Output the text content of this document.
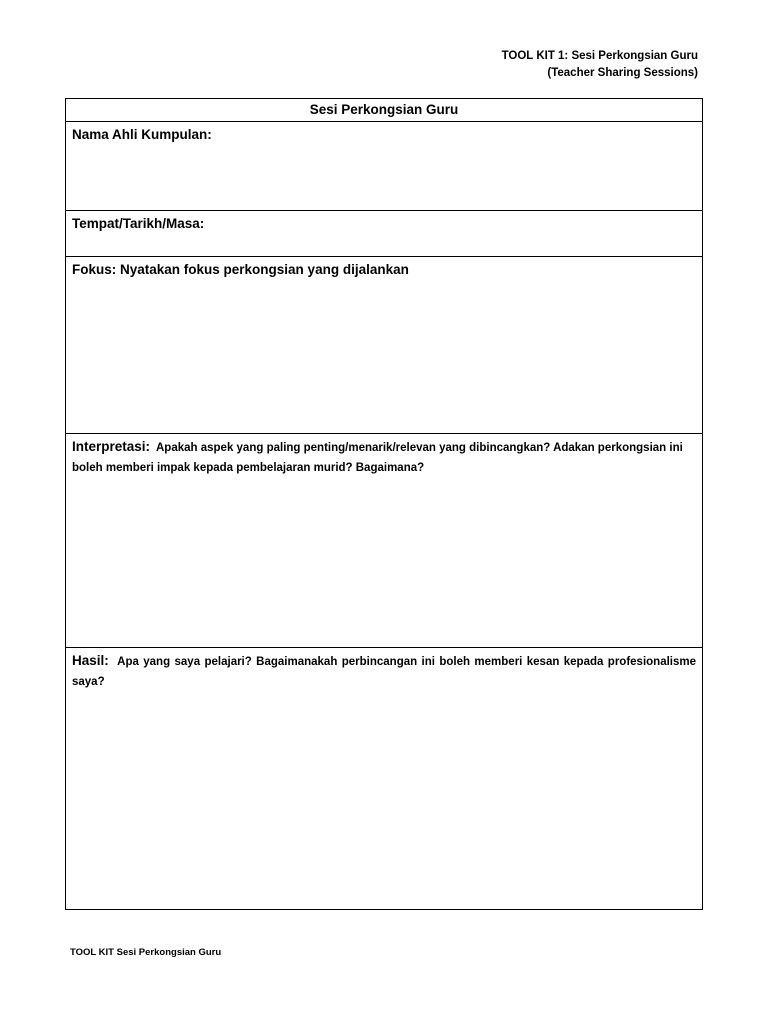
TOOL KIT 1: Sesi Perkongsian Guru
(Teacher Sharing Sessions)
Sesi Perkongsian Guru
Nama Ahli Kumpulan:
Tempat/Tarikh/Masa:
Fokus: Nyatakan fokus perkongsian yang dijalankan
Interpretasi: Apakah aspek yang paling penting/menarik/relevan yang dibincangkan? Adakan perkongsian ini boleh memberi impak kepada pembelajaran murid? Bagaimana?
Hasil: Apa yang saya pelajari? Bagaimanakah perbincangan ini boleh memberi kesan kepada profesionalisme saya?
TOOL KIT Sesi Perkongsian Guru
